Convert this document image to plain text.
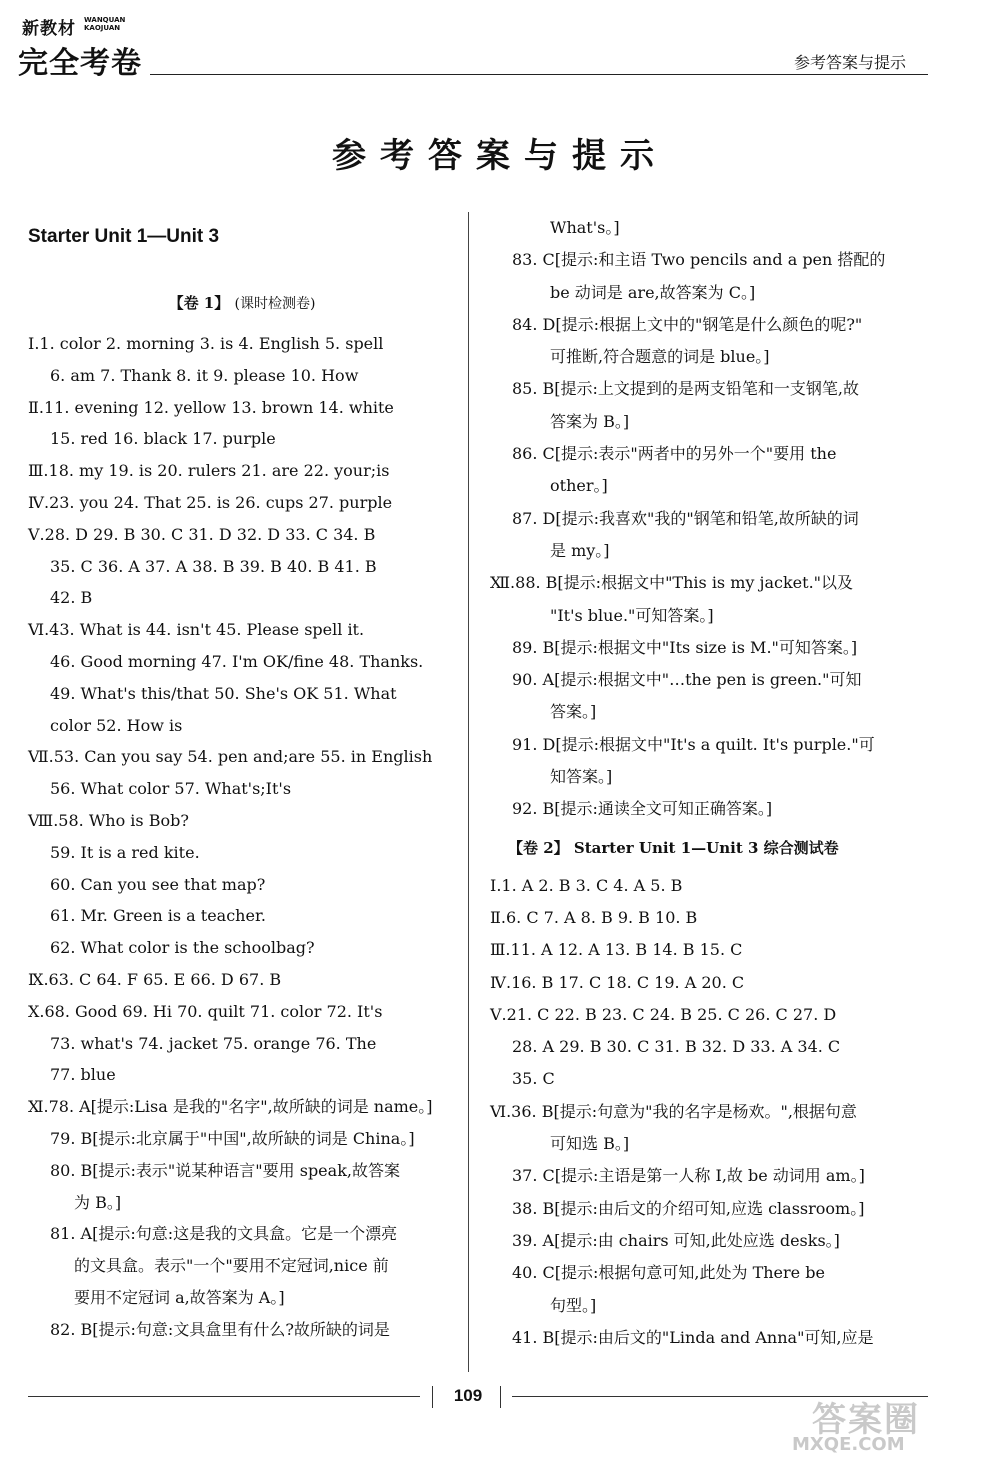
新教材 WANQUAN
KAOJUAN
完全考卷	参考答案与提示
参考答案与提示
Starter Unit 1—Unit 3
【卷 1】 (课时检测卷)
Ⅰ.1. color 2. morning 3. is 4. English 5. spell
6. am 7. Thank 8. it 9. please 10. How
Ⅱ.11. evening 12. yellow 13. brown 14. white
15. red 16. black 17. purple
Ⅲ.18. my 19. is 20. rulers 21. are 22. your;is
Ⅳ.23. you 24. That 25. is 26. cups 27. purple
Ⅴ.28. D 29. B 30. C 31. D 32. D 33. C 34. B
35. C 36. A 37. A 38. B 39. B 40. B 41. B
42. B
Ⅵ.43. What is 44. isn't 45. Please spell it.
46. Good morning 47. I'm OK/fine 48. Thanks.
49. What's this/that 50. She's OK 51. What
color 52. How is
Ⅶ.53. Can you say 54. pen and;are 55. in English
56. What color 57. What's;It's
Ⅷ.58. Who is Bob?
59. It is a red kite.
60. Can you see that map?
61. Mr. Green is a teacher.
62. What color is the schoolbag?
Ⅸ.63. C 64. F 65. E 66. D 67. B
Ⅹ.68. Good 69. Hi 70. quilt 71. color 72. It's
73. what's 74. jacket 75. orange 76. The
77. blue
Ⅺ.78. A[提示:Lisa 是我的"名字",故所缺的词是 name。]
79. B[提示:北京属于"中国",故所缺的词是 China。]
80. B[提示:表示"说某种语言"要用 speak,故答案
为 B。]
81. A[提示:句意:这是我的文具盒。它是一个漂亮
的文具盒。表示"一个"要用不定冠词,nice 前
要用不定冠词 a,故答案为 A。]
82. B[提示:句意:文具盒里有什么?故所缺的词是
What's。]
83. C[提示:和主语 Two pencils and a pen 搭配的
be 动词是 are,故答案为 C。]
84. D[提示:根据上文中的"钢笔是什么颜色的呢?"
可推断,符合题意的词是 blue。]
85. B[提示:上文提到的是两支铅笔和一支钢笔,故
答案为 B。]
86. C[提示:表示"两者中的另外一个"要用 the
other。]
87. D[提示:我喜欢"我的"钢笔和铅笔,故所缺的词
是 my。]
Ⅻ.88. B[提示:根据文中"This is my jacket."以及
"It's blue."可知答案。]
89. B[提示:根据文中"Its size is M."可知答案。]
90. A[提示:根据文中"…the pen is green."可知
答案。]
91. D[提示:根据文中"It's a quilt. It's purple."可
知答案。]
92. B[提示:通读全文可知正确答案。]
【卷 2】 Starter Unit 1—Unit 3 综合测试卷
Ⅰ.1. A 2. B 3. C 4. A 5. B
Ⅱ.6. C 7. A 8. B 9. B 10. B
Ⅲ.11. A 12. A 13. B 14. B 15. C
Ⅳ.16. B 17. C 18. C 19. A 20. C
Ⅴ.21. C 22. B 23. C 24. B 25. C 26. C 27. D
28. A 29. B 30. C 31. B 32. D 33. A 34. C
35. C
Ⅵ.36. B[提示:句意为"我的名字是杨欢。",根据句意
可知选 B。]
37. C[提示:主语是第一人称 I,故 be 动词用 am。]
38. B[提示:由后文的介绍可知,应选 classroom。]
39. A[提示:由 chairs 可知,此处应选 desks。]
40. C[提示:根据句意可知,此处为 There be
句型。]
41. B[提示:由后文的"Linda and Anna"可知,应是
109
答案圈
MXQE.COM
